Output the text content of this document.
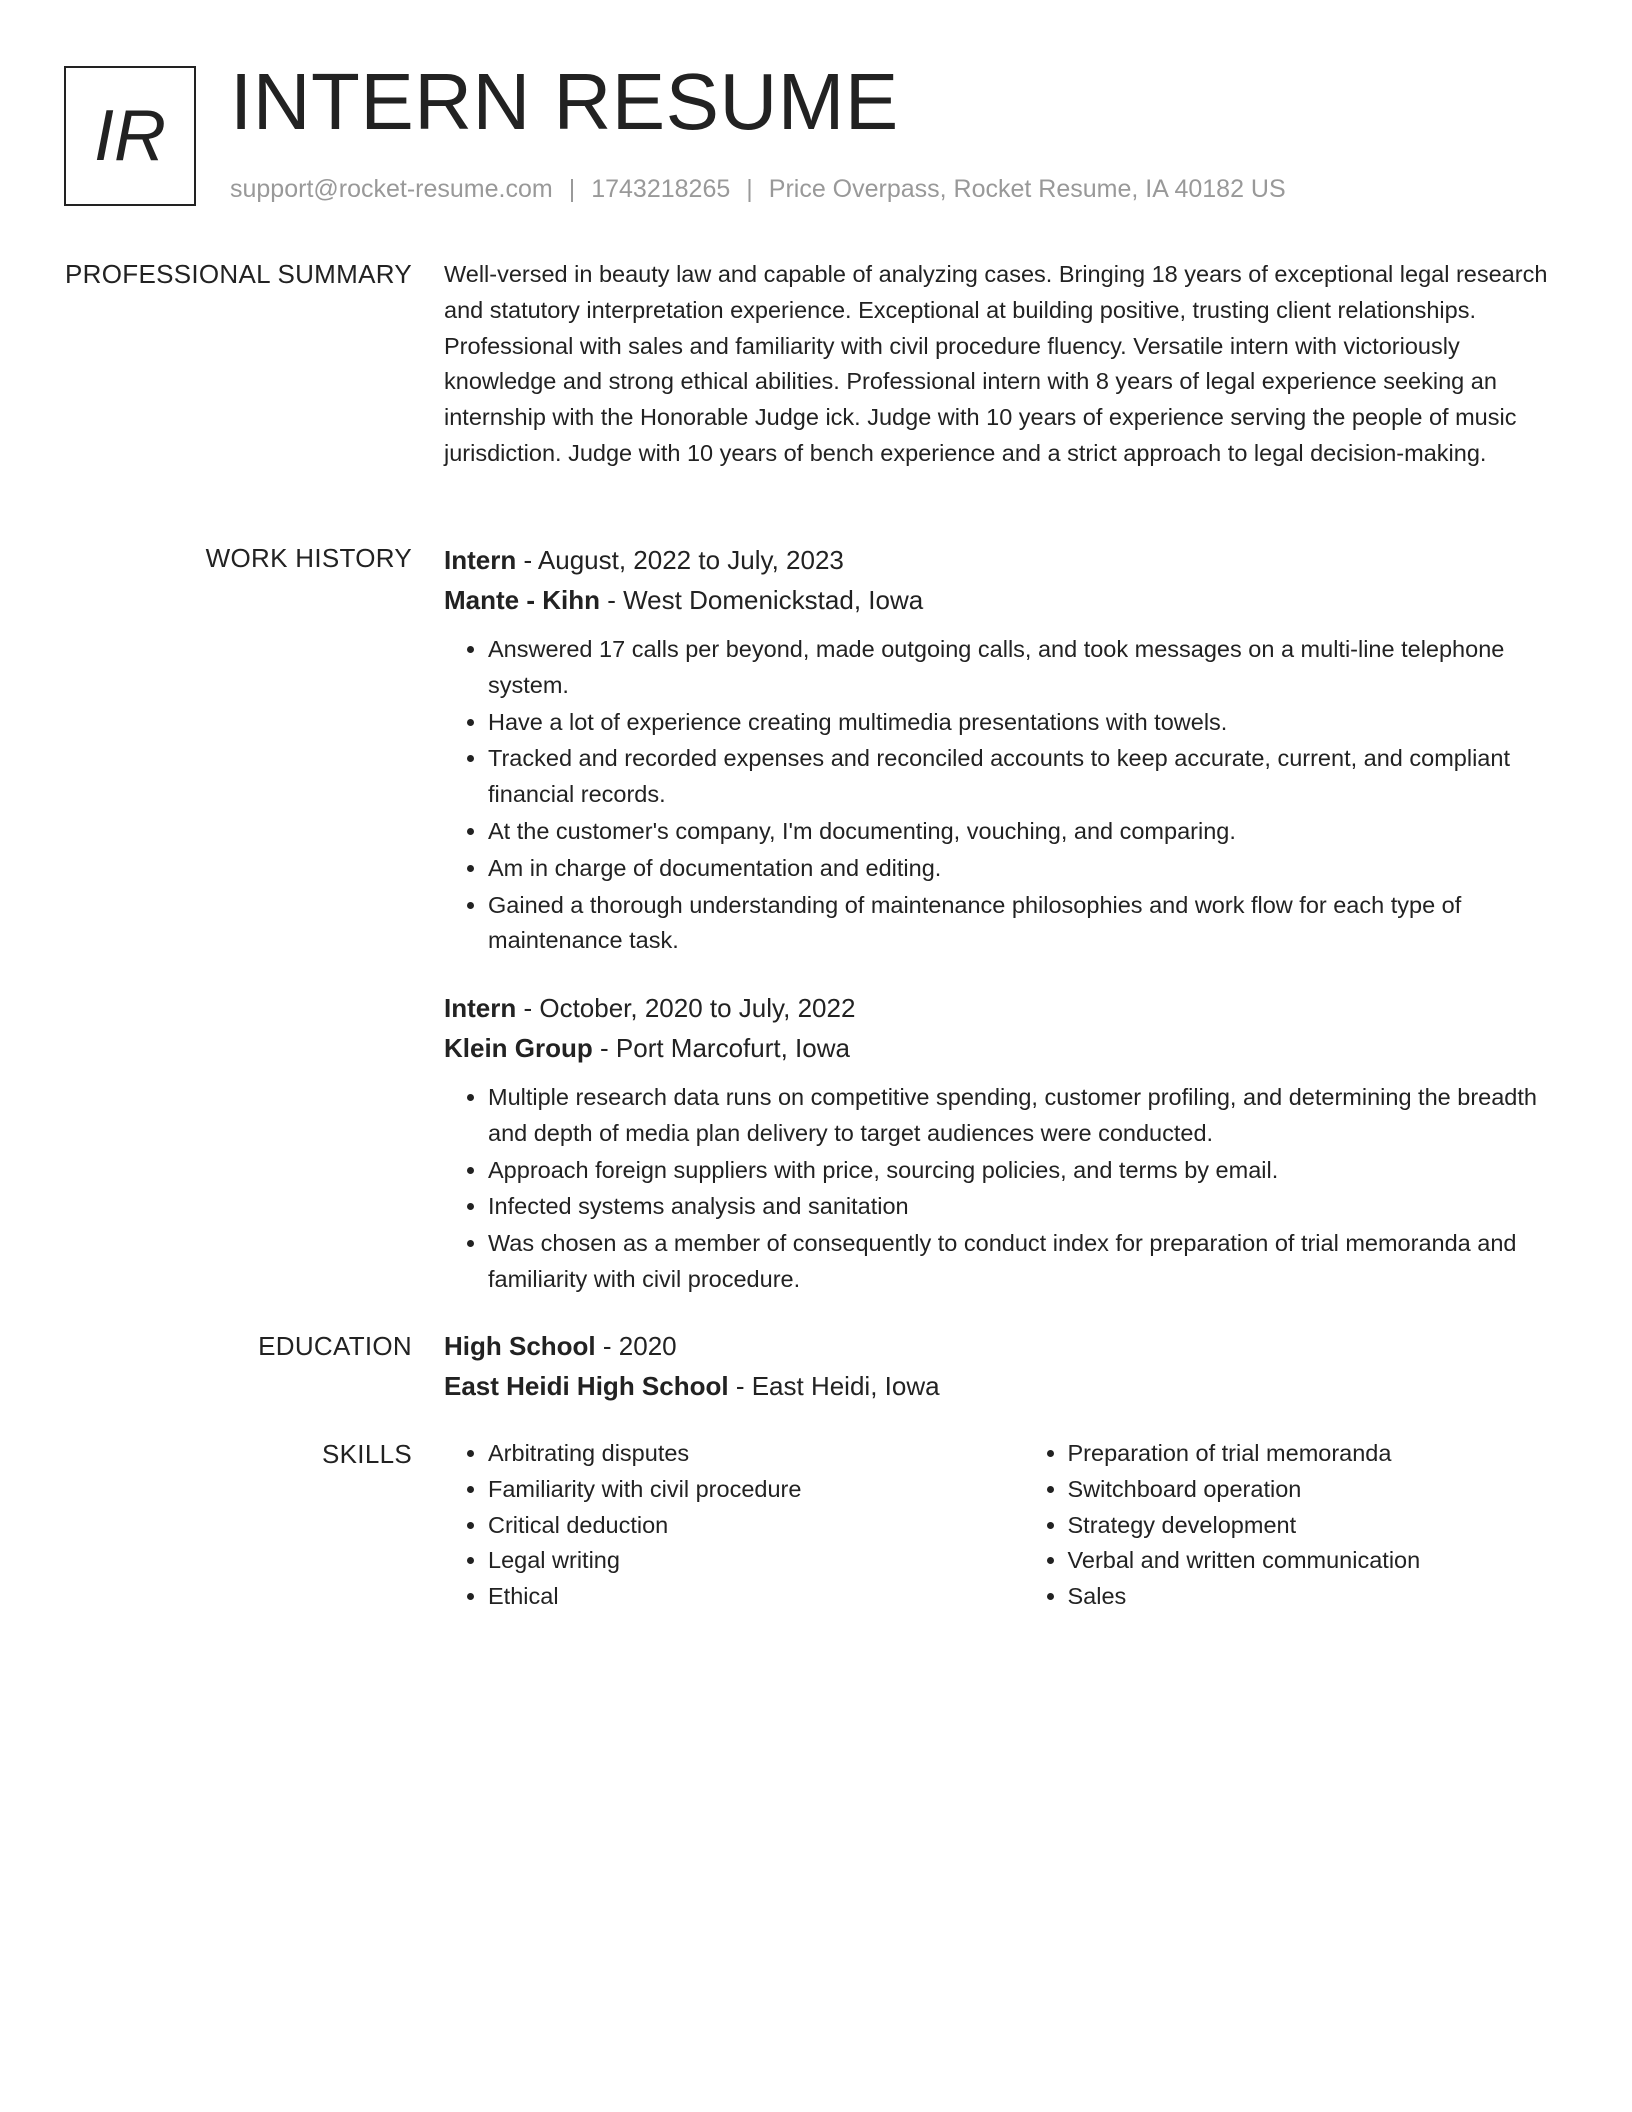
IR INTERN RESUME
support@rocket-resume.com | 1743218265 | Price Overpass, Rocket Resume, IA 40182 US
PROFESSIONAL SUMMARY Well-versed in beauty law and capable of analyzing cases. Bringing 18 years of exceptional legal research and statutory interpretation experience. Exceptional at building positive, trusting client relationships. Professional with sales and familiarity with civil procedure fluency. Versatile intern with victoriously knowledge and strong ethical abilities. Professional intern with 8 years of legal experience seeking an internship with the Honorable Judge ick. Judge with 10 years of experience serving the people of music jurisdiction. Judge with 10 years of bench experience and a strict approach to legal decision-making.

WORK HISTORY Intern - August, 2022 to July, 2023
Mante - Kihn - West Domenickstad, Iowa
• Answered 17 calls per beyond, made outgoing calls, and took messages on a multi-line telephone system.
• Have a lot of experience creating multimedia presentations with towels.
• Tracked and recorded expenses and reconciled accounts to keep accurate, current, and compliant financial records.
• At the customer's company, I'm documenting, vouching, and comparing.
• Am in charge of documentation and editing.
• Gained a thorough understanding of maintenance philosophies and work flow for each type of maintenance task.
Intern - October, 2020 to July, 2022
Klein Group - Port Marcofurt, Iowa
• Multiple research data runs on competitive spending, customer profiling, and determining the breadth and depth of media plan delivery to target audiences were conducted.
• Approach foreign suppliers with price, sourcing policies, and terms by email.
• Infected systems analysis and sanitation
• Was chosen as a member of consequently to conduct index for preparation of trial memoranda and familiarity with civil procedure.
EDUCATION High School - 2020
East Heidi High School - East Heidi, Iowa
SKILLS
•	Arbitrating disputes
• Familiarity with civil procedure
• Critical deduction
• Legal writing
• Ethical
• Preparation of trial memoranda
• Switchboard operation
• Strategy development
• Verbal and written communication
• Sales
